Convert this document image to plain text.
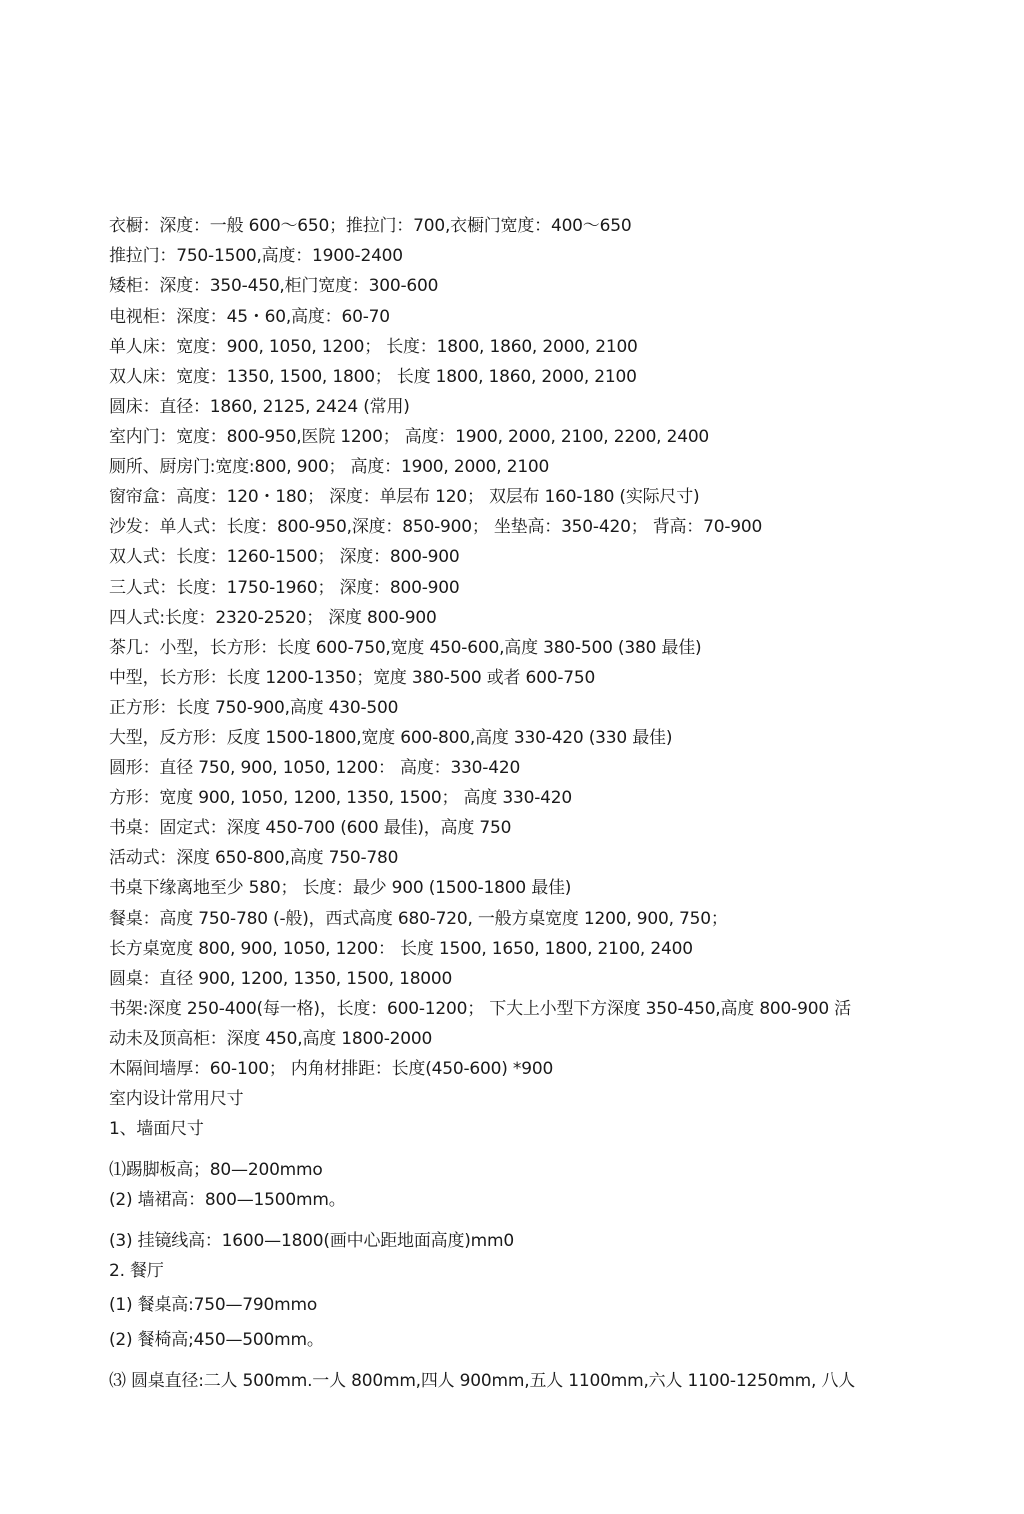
衣橱：深度：一般 600～650；推拉门：700,衣橱门宽度：400～650
推拉门：750-1500,高度：1900-2400
矮柜：深度：350-450,柜门宽度：300-600
电视柜：深度：45・60,高度：60-70
单人床：宽度：900, 1050, 1200； 长度：1800, 1860, 2000, 2100
双人床：宽度：1350, 1500, 1800； 长度 1800, 1860, 2000, 2100
圆床：直径：1860, 2125, 2424 (常用)
室内门：宽度：800-950,医院 1200； 高度：1900, 2000, 2100, 2200, 2400
厕所、厨房门:宽度:800, 900； 高度：1900, 2000, 2100
窗帘盒：高度：120・180； 深度：单层布 120； 双层布 160-180 (实际尺寸)
沙发：单人式：长度：800-950,深度：850-900； 坐垫高：350-420； 背高：70-900
双人式：长度：1260-1500； 深度：800-900
三人式：长度：1750-1960； 深度：800-900
四人式:长度：2320-2520； 深度 800-900
茶几：小型，长方形：长度 600-750,宽度 450-600,高度 380-500 (380 最佳)
中型，长方形：长度 1200-1350；宽度 380-500 或者 600-750
正方形：长度 750-900,高度 430-500
大型，反方形：反度 1500-1800,宽度 600-800,高度 330-420 (330 最佳)
圆形：直径 750, 900, 1050, 1200： 高度：330-420
方形：宽度 900, 1050, 1200, 1350, 1500； 高度 330-420
书桌：固定式：深度 450-700 (600 最佳)，高度 750
活动式：深度 650-800,高度 750-780
书桌下缘离地至少 580； 长度：最少 900 (1500-1800 最佳)
餐桌：高度 750-780 (-般)，西式高度 680-720, 一般方桌宽度 1200, 900, 750；
长方桌宽度 800, 900, 1050, 1200： 长度 1500, 1650, 1800, 2100, 2400
圆桌：直径 900, 1200, 1350, 1500, 18000
书架:深度 250-400(每一格)，长度：600-1200； 下大上小型下方深度 350-450,高度 800-900 活
动未及顶高柜：深度 450,高度 1800-2000
木隔间墙厚：60-100； 内角材排距：长度(450-600) *900
室内设计常用尺寸
1、墙面尺寸
⑴踢脚板高；80—200mmo
(2) 墙裙高：800—1500mm。
(3) 挂镜线高：1600—1800(画中心距地面高度)mm0
2. 餐厅
(1) 餐桌高:750—790mmo
(2) 餐椅高;450—500mm。
⑶ 圆桌直径:二人 500mm.一人 800mm,四人 900mm,五人 1100mm,六人 1100-1250mm, 八人
